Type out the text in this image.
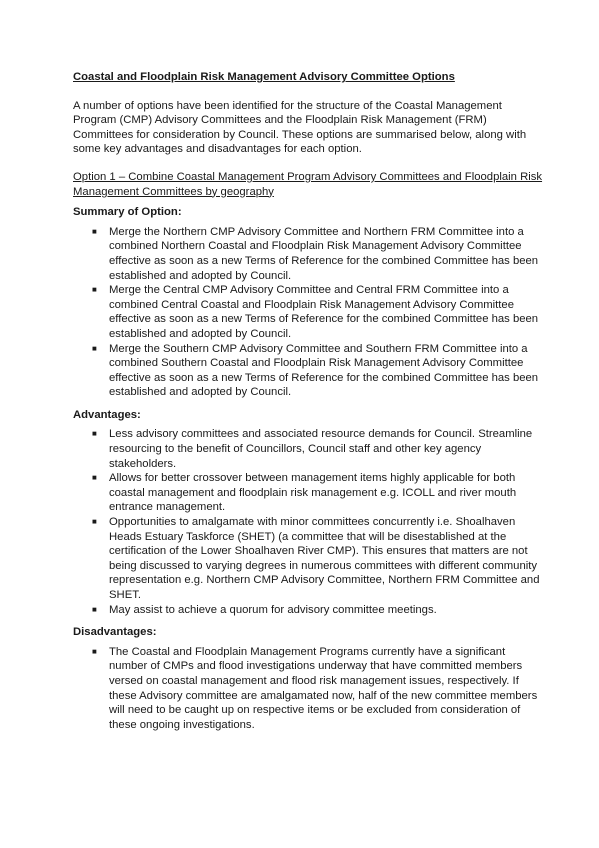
Coastal and Floodplain Risk Management Advisory Committee Options

A number of options have been identified for the structure of the Coastal Management Program (CMP) Advisory Committees and the Floodplain Risk Management (FRM) Committees for consideration by Council. These options are summarised below, along with some key advantages and disadvantages for each option.

Option 1 – Combine Coastal Management Program Advisory Committees and Floodplain Risk Management Committees by geography

Summary of Option:

■ Merge the Northern CMP Advisory Committee and Northern FRM Committee into a combined Northern Coastal and Floodplain Risk Management Advisory Committee effective as soon as a new Terms of Reference for the combined Committee has been established and adopted by Council.
■ Merge the Central CMP Advisory Committee and Central FRM Committee into a combined Central Coastal and Floodplain Risk Management Advisory Committee effective as soon as a new Terms of Reference for the combined Committee has been established and adopted by Council.
■ Merge the Southern CMP Advisory Committee and Southern FRM Committee into a combined Southern Coastal and Floodplain Risk Management Advisory Committee effective as soon as a new Terms of Reference for the combined Committee has been established and adopted by Council.

Advantages:

■ Less advisory committees and associated resource demands for Council. Streamline resourcing to the benefit of Councillors, Council staff and other key agency stakeholders.
■ Allows for better crossover between management items highly applicable for both coastal management and floodplain risk management e.g. ICOLL and river mouth entrance management.
■ Opportunities to amalgamate with minor committees concurrently i.e. Shoalhaven Heads Estuary Taskforce (SHET) (a committee that will be disestablished at the certification of the Lower Shoalhaven River CMP). This ensures that matters are not being discussed to varying degrees in numerous committees with different community representation e.g. Northern CMP Advisory Committee, Northern FRM Committee and SHET.
■ May assist to achieve a quorum for advisory committee meetings.

Disadvantages:

■ The Coastal and Floodplain Management Programs currently have a significant number of CMPs and flood investigations underway that have committed members versed on coastal management and flood risk management issues, respectively. If these Advisory committee are amalgamated now, half of the new committee members will need to be caught up on respective items or be excluded from consideration of these ongoing investigations.
